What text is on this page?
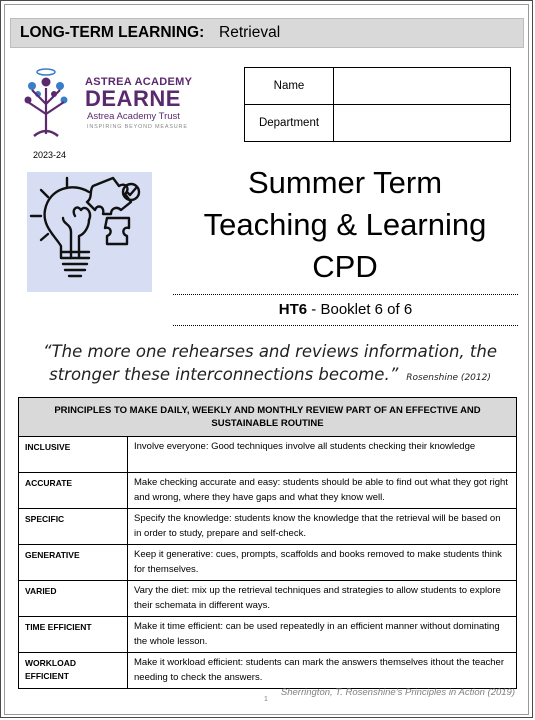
LONG-TERM LEARNING: Retrieval
ASTREA ACADEMY
DEARNE
Astrea Academy Trust
INSPIRING BEYOND MEASURE
2023-24
Name	
Department	
Summer Term
Teaching & Learning
CPD
HT6 - Booklet 6 of 6
“The more one rehearses and reviews information, the stronger these interconnections become.” Rosenshine (2012)
PRINCIPLES TO MAKE DAILY, WEEKLY AND MONTHLY REVIEW PART OF AN EFFECTIVE AND SUSTAINABLE ROUTINE	
INCLUSIVE	Involve everyone: Good techniques involve all students checking their knowledge
ACCURATE	Make checking accurate and easy: students should be able to find out what they got right and wrong, where they have gaps and what they know well.
SPECIFIC	Specify the knowledge: students know the knowledge that the retrieval will be based on in order to study, prepare and self-check.
GENERATIVE	Keep it generative: cues, prompts, scaffolds and books removed to make students think for themselves.
VARIED	Vary the diet: mix up the retrieval techniques and strategies to allow students to explore their schemata in different ways.
TIME EFFICIENT	Make it time efficient: can be used repeatedly in an efficient manner without dominating the whole lesson.
WORKLOAD EFFICIENT	Make it workload efficient: students can mark the answers themselves ithout the teacher needing to check the answers.
Sherrington, T. Rosenshine’s Principles in Action (2019)
1
